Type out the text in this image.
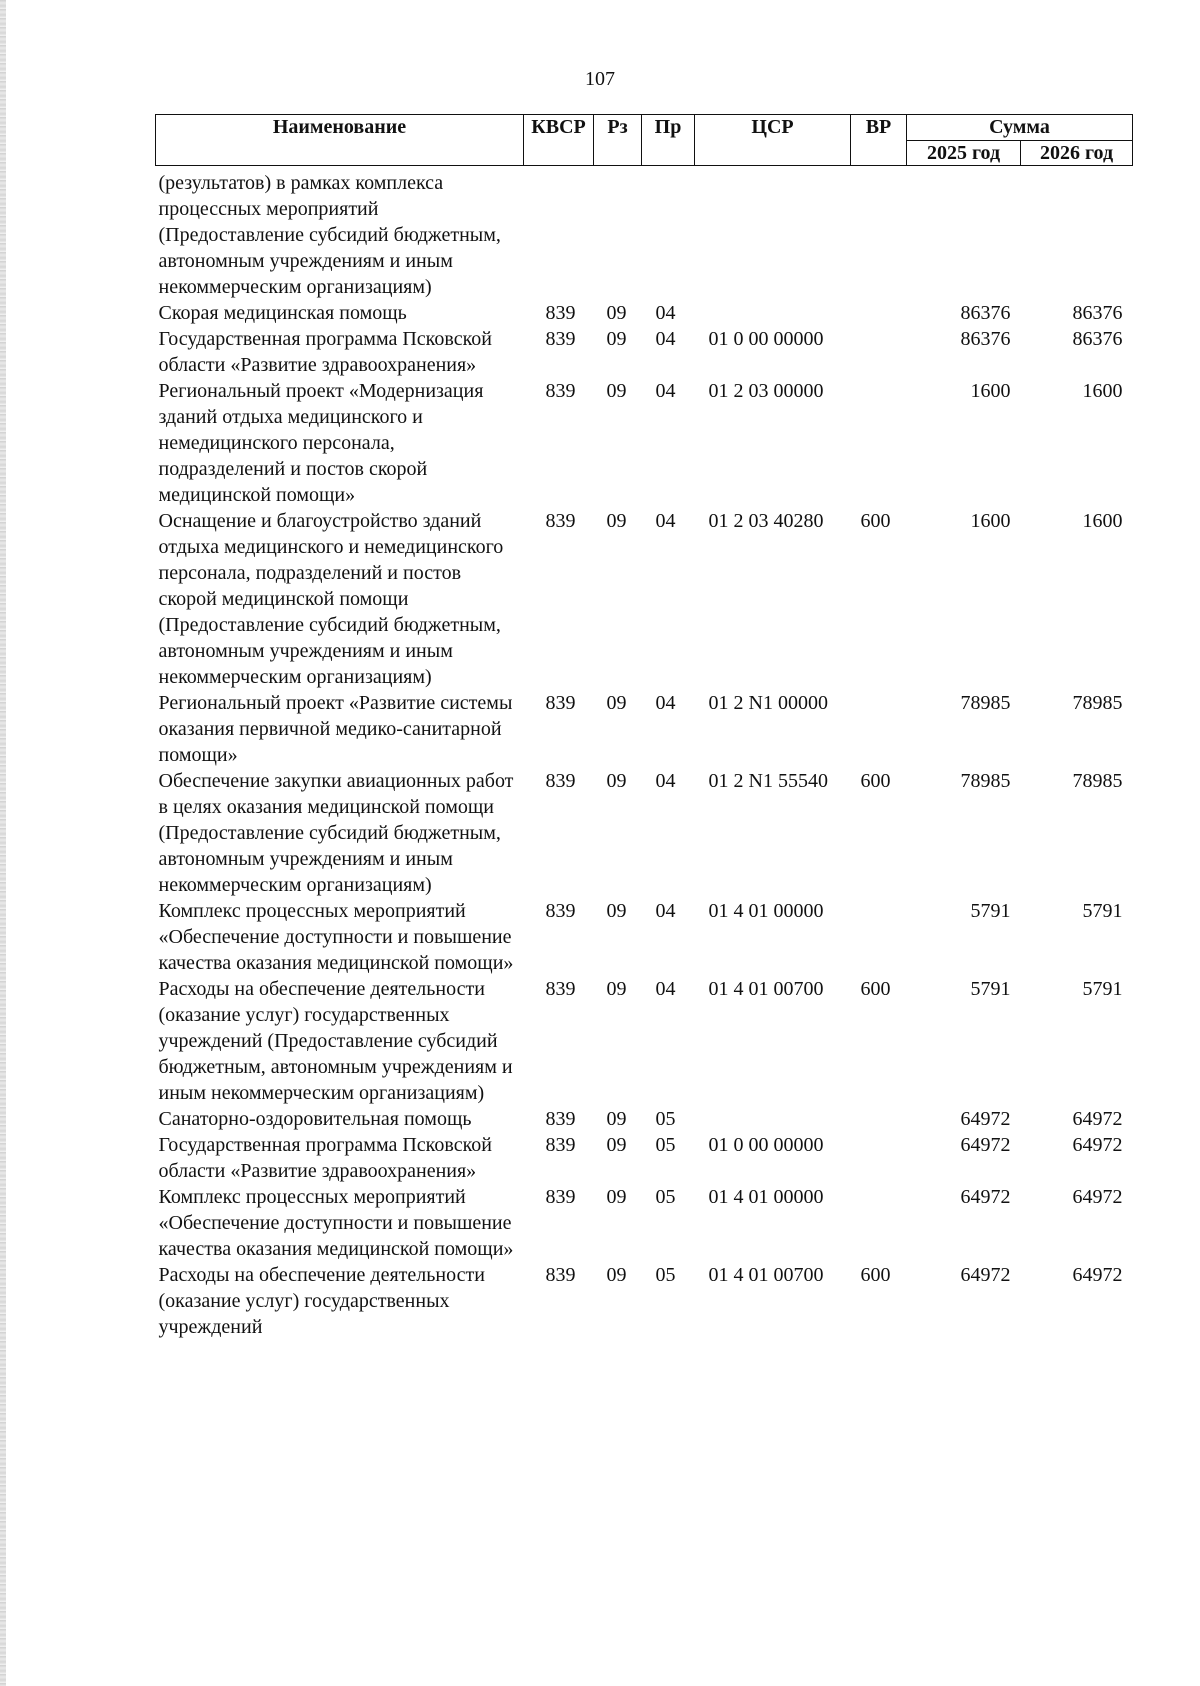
107
Наименование	КВСР	Рз	Пр	ЦСР	ВР	Сумма	
						2025 год	2026 год
(результатов) в рамках комплекса процессных мероприятий (Предоставление субсидий бюджетным, автономным учреждениям и иным некоммерческим организациям)							
Скорая медицинская помощь	839	09	04			86376	86376
Государственная программа Псковской области «Развитие здравоохранения»	839	09	04	01 0 00 00000		86376	86376
Региональный проект «Модернизация зданий отдыха медицинского и немедицинского персонала, подразделений и постов скорой медицинской помощи»	839	09	04	01 2 03 00000		1600	1600
Оснащение и благоустройство зданий отдыха медицинского и немедицинского персонала, подразделений и постов скорой медицинской помощи (Предоставление субсидий бюджетным, автономным учреждениям и иным некоммерческим организациям)	839	09	04	01 2 03 40280	600	1600	1600
Региональный проект «Развитие системы оказания первичной медико-санитарной помощи»	839	09	04	01 2 N1 00000		78985	78985
Обеспечение закупки авиационных работ в целях оказания медицинской помощи (Предоставление субсидий бюджетным, автономным учреждениям и иным некоммерческим организациям)	839	09	04	01 2 N1 55540	600	78985	78985
Комплекс процессных мероприятий «Обеспечение доступности и повышение качества оказания медицинской помощи»	839	09	04	01 4 01 00000		5791	5791
Расходы на обеспечение деятельности (оказание услуг) государственных учреждений (Предоставление субсидий бюджетным, автономным учреждениям и иным некоммерческим организациям)	839	09	04	01 4 01 00700	600	5791	5791
Санаторно-оздоровительная помощь	839	09	05			64972	64972
Государственная программа Псковской области «Развитие здравоохранения»	839	09	05	01 0 00 00000		64972	64972
Комплекс процессных мероприятий «Обеспечение доступности и повышение качества оказания медицинской помощи»	839	09	05	01 4 01 00000		64972	64972
Расходы на обеспечение деятельности (оказание услуг) государственных учреждений	839	09	05	01 4 01 00700	600	64972	64972
